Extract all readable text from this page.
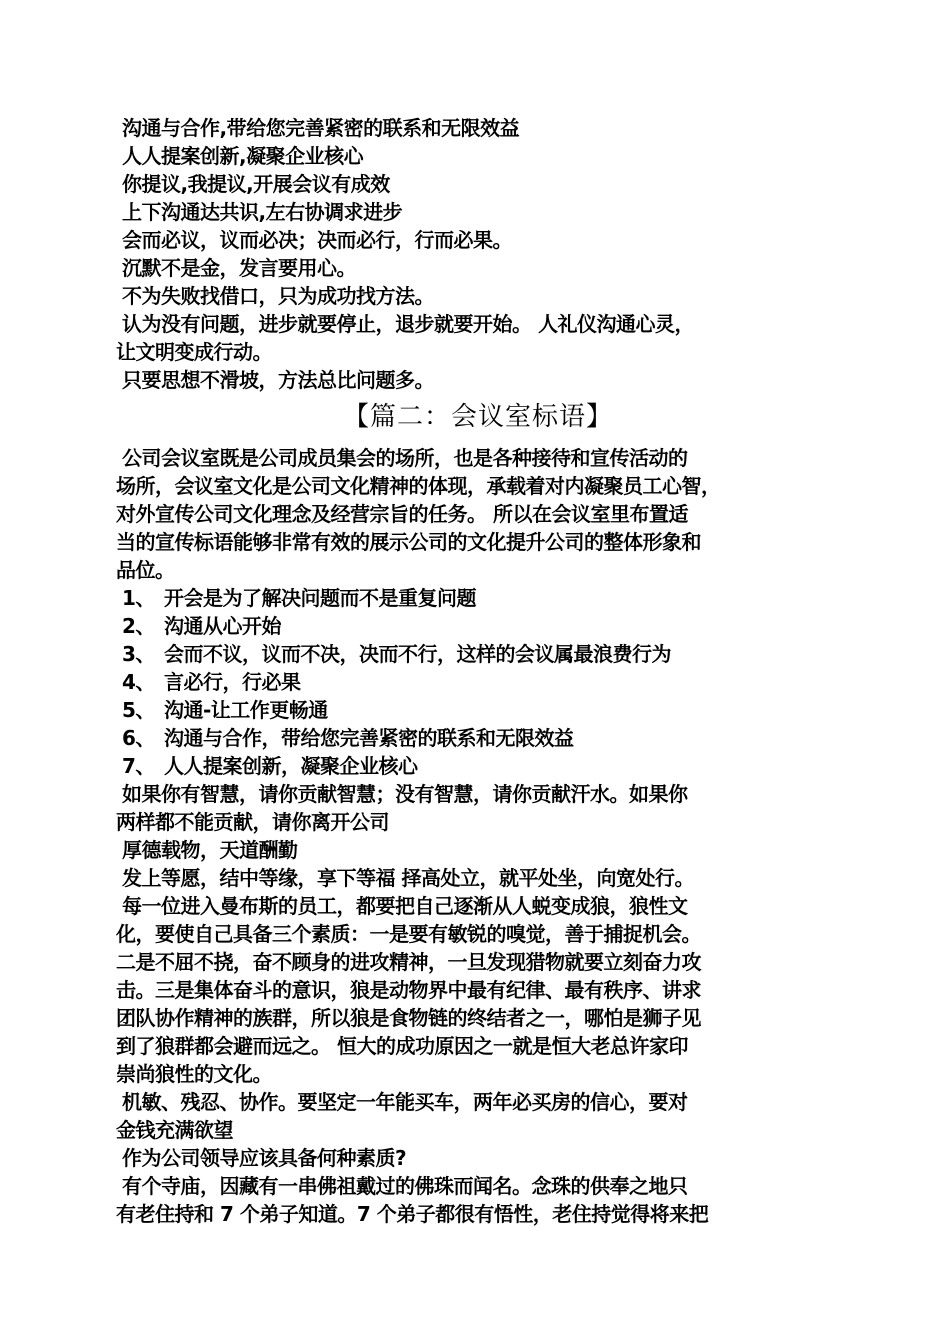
沟通与合作,带给您完善紧密的联系和无限效益

人人提案创新,凝聚企业核心

你提议,我提议,开展会议有成效

上下沟通达共识,左右协调求进步

会而必议，议而必决；决而必行，行而必果。

沉默不是金，发言要用心。

不为失败找借口，只为成功找方法。

认为没有问题，进步就要停止，退步就要开始。 人礼仪沟通心灵，

让文明变成行动。

只要思想不滑坡，方法总比问题多。

【篇二：会议室标语】

公司会议室既是公司成员集会的场所，也是各种接待和宣传活动的

场所，会议室文化是公司文化精神的体现，承载着对内凝聚员工心智，

对外宣传公司文化理念及经营宗旨的任务。 所以在会议室里布置适

当的宣传标语能够非常有效的展示公司的文化提升公司的整体形象和

品位。

1、 开会是为了解决问题而不是重复问题

2、 沟通从心开始

3、 会而不议，议而不决，决而不行，这样的会议属最浪费行为

4、 言必行，行必果

5、 沟通-让工作更畅通

6、 沟通与合作，带给您完善紧密的联系和无限效益

7、 人人提案创新，凝聚企业核心

如果你有智慧，请你贡献智慧；没有智慧，请你贡献汗水。如果你

两样都不能贡献，请你离开公司

厚德载物，天道酬勤

发上等愿，结中等缘，享下等福 择高处立，就平处坐，向宽处行。

每一位进入曼布斯的员工，都要把自己逐渐从人蜕变成狼，狼性文

化，要使自己具备三个素质：一是要有敏锐的嗅觉，善于捕捉机会。

二是不屈不挠，奋不顾身的进攻精神，一旦发现猎物就要立刻奋力攻

击。三是集体奋斗的意识，狼是动物界中最有纪律、最有秩序、讲求

团队协作精神的族群，所以狼是食物链的终结者之一，哪怕是狮子见

到了狼群都会避而远之。 恒大的成功原因之一就是恒大老总许家印

崇尚狼性的文化。

机敏、残忍、协作。要坚定一年能买车，两年必买房的信心，要对

金钱充满欲望

作为公司领导应该具备何种素质?

有个寺庙，因藏有一串佛祖戴过的佛珠而闻名。念珠的供奉之地只

有老住持和 7 个弟子知道。7 个弟子都很有悟性，老住持觉得将来把
